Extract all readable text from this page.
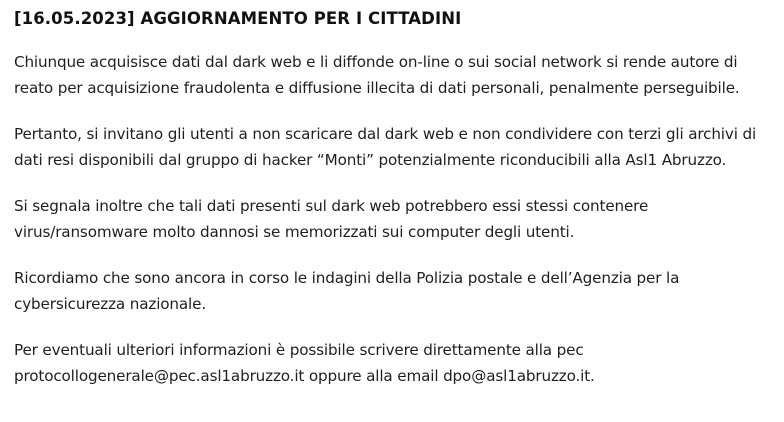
[16.05.2023] AGGIORNAMENTO PER I CITTADINI

Chiunque acquisisce dati dal dark web e li diffonde on-line o sui social network si rende autore di
reato per acquisizione fraudolenta e diffusione illecita di dati personali, penalmente perseguibile.

Pertanto, si invitano gli utenti a non scaricare dal dark web e non condividere con terzi gli archivi di
dati resi disponibili dal gruppo di hacker “Monti” potenzialmente riconducibili alla Asl1 Abruzzo.

Si segnala inoltre che tali dati presenti sul dark web potrebbero essi stessi contenere
virus/ransomware molto dannosi se memorizzati sui computer degli utenti.

Ricordiamo che sono ancora in corso le indagini della Polizia postale e dell’Agenzia per la
cybersicurezza nazionale.

Per eventuali ulteriori informazioni è possibile scrivere direttamente alla pec
protocollogenerale@pec.asl1abruzzo.it oppure alla email dpo@asl1abruzzo.it.
